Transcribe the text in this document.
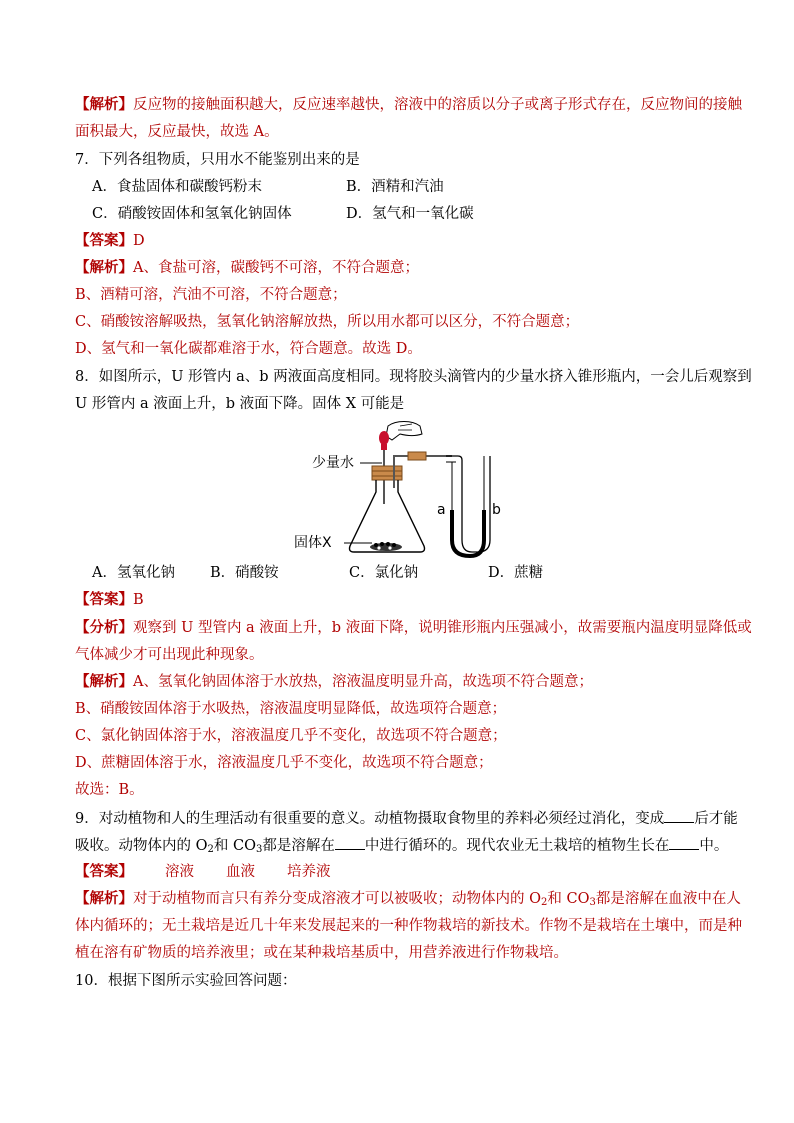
【解析】反应物的接触面积越大，反应速率越快，溶液中的溶质以分子或离子形式存在，反应物间的接触
面积最大，反应最快，故选 A。
7．下列各组物质，只用水不能鉴别出来的是
A．食盐固体和碳酸钙粉末	B．酒精和汽油
C．硝酸铵固体和氢氧化钠固体	D．氢气和一氧化碳
【答案】D
【解析】A、食盐可溶，碳酸钙不可溶，不符合题意；
B、酒精可溶，汽油不可溶，不符合题意；
C、硝酸铵溶解吸热，氢氧化钠溶解放热，所以用水都可以区分，不符合题意；
D、氢气和一氧化碳都难溶于水，符合题意。故选 D。
8．如图所示，U 形管内 a、b 两液面高度相同。现将胶头滴管内的少量水挤入锥形瓶内，一会儿后观察到
U 形管内 a 液面上升，b 液面下降。固体 X 可能是
少量水
固体X
a	b
A．氢氧化钠 B．硝酸铵	C．氯化钠	D．蔗糖
【答案】B
【分析】观察到 U 型管内 a 液面上升，b 液面下降，说明锥形瓶内压强减小，故需要瓶内温度明显降低或
气体减少才可出现此种现象。
【解析】A、氢氧化钠固体溶于水放热，溶液温度明显升高，故选项不符合题意；
B、硝酸铵固体溶于水吸热，溶液温度明显降低，故选项符合题意；
C、氯化钠固体溶于水，溶液温度几乎不变化，故选项不符合题意；
D、蔗糖固体溶于水，溶液温度几乎不变化，故选项不符合题意；
故选：B。
9．对动植物和人的生理活动有很重要的意义。动植物摄取食物里的养料必须经过消化，变成 后才能
吸收。动物体内的 $O_2$和 $CO_3$都是溶解在 中进行循环的。现代农业无土栽培的植物生长在 中。
【答案】 溶液 血液 培养液
【解析】对于动植物而言只有养分变成溶液才可以被吸收；动物体内的 $O_2$和 $CO_3$都是溶解在血液中在人
体内循环的；无土栽培是近几十年来发展起来的一种作物栽培的新技术。作物不是栽培在土壤中，而是种
植在溶有矿物质的培养液里；或在某种栽培基质中，用营养液进行作物栽培。
10．根据下图所示实验回答问题：
